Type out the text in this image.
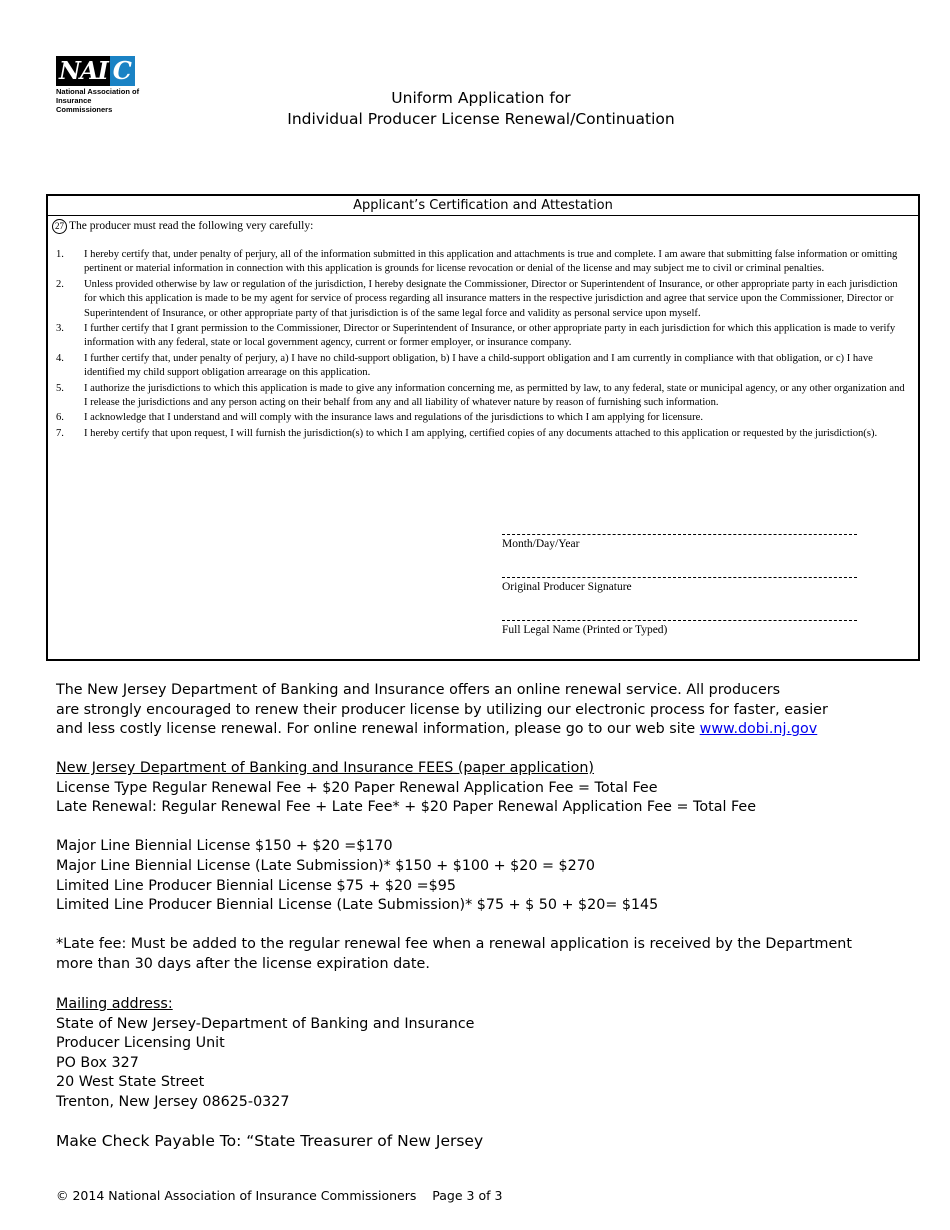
NAI C
National Association of
Insurance Commissioners
Uniform Application for
Individual Producer License Renewal/Continuation
Applicant’s Certification and Attestation
27 The producer must read the following very carefully:
1.	I hereby certify that, under penalty of perjury, all of the information submitted in this application and attachments is true and complete. I am aware that submitting false information or omitting pertinent or material information in connection with this application is grounds for license revocation or denial of the license and may subject me to civil or criminal penalties.
2.	Unless provided otherwise by law or regulation of the jurisdiction, I hereby designate the Commissioner, Director or Superintendent of Insurance, or other appropriate party in each jurisdiction for which this application is made to be my agent for service of process regarding all insurance matters in the respective jurisdiction and agree that service upon the Commissioner, Director or Superintendent of Insurance, or other appropriate party of that jurisdiction is of the same legal force and validity as personal service upon myself.
3.	I further certify that I grant permission to the Commissioner, Director or Superintendent of Insurance, or other appropriate party in each jurisdiction for which this application is made to verify information with any federal, state or local government agency, current or former employer, or insurance company.
4.	I further certify that, under penalty of perjury, a) I have no child-support obligation, b) I have a child-support obligation and I am currently in compliance with that obligation, or c) I have identified my child support obligation arrearage on this application.
5.	I authorize the jurisdictions to which this application is made to give any information concerning me, as permitted by law, to any federal, state or municipal agency, or any other organization and I release the jurisdictions and any person acting on their behalf from any and all liability of whatever nature by reason of furnishing such information.
6.	I acknowledge that I understand and will comply with the insurance laws and regulations of the jurisdictions to which I am applying for licensure.
7.	I hereby certify that upon request, I will furnish the jurisdiction(s) to which I am applying, certified copies of any documents attached to this application or requested by the jurisdiction(s).
Month/Day/Year
Original Producer Signature
Full Legal Name (Printed or Typed)
The New Jersey Department of Banking and Insurance offers an online renewal service. All producers
are strongly encouraged to renew their producer license by utilizing our electronic process for faster, easier
and less costly license renewal. For online renewal information, please go to our web site www.dobi.nj.gov
New Jersey Department of Banking and Insurance FEES (paper application)
License Type Regular Renewal Fee + $20 Paper Renewal Application Fee = Total Fee
Late Renewal: Regular Renewal Fee + Late Fee* + $20 Paper Renewal Application Fee = Total Fee
Major Line Biennial License $150 + $20 =$170
Major Line Biennial License (Late Submission)* $150 + $100 + $20 = $270
Limited Line Producer Biennial License $75 + $20 =$95
Limited Line Producer Biennial License (Late Submission)* $75 + $ 50 + $20= $145
*Late fee: Must be added to the regular renewal fee when a renewal application is received by the Department
more than 30 days after the license expiration date.
Mailing address:
State of New Jersey-Department of Banking and Insurance
Producer Licensing Unit
PO Box 327
20 West State Street
Trenton, New Jersey 08625-0327
Make Check Payable To: “State Treasurer of New Jersey
© 2014 National Association of Insurance Commissioners    Page 3 of 3
